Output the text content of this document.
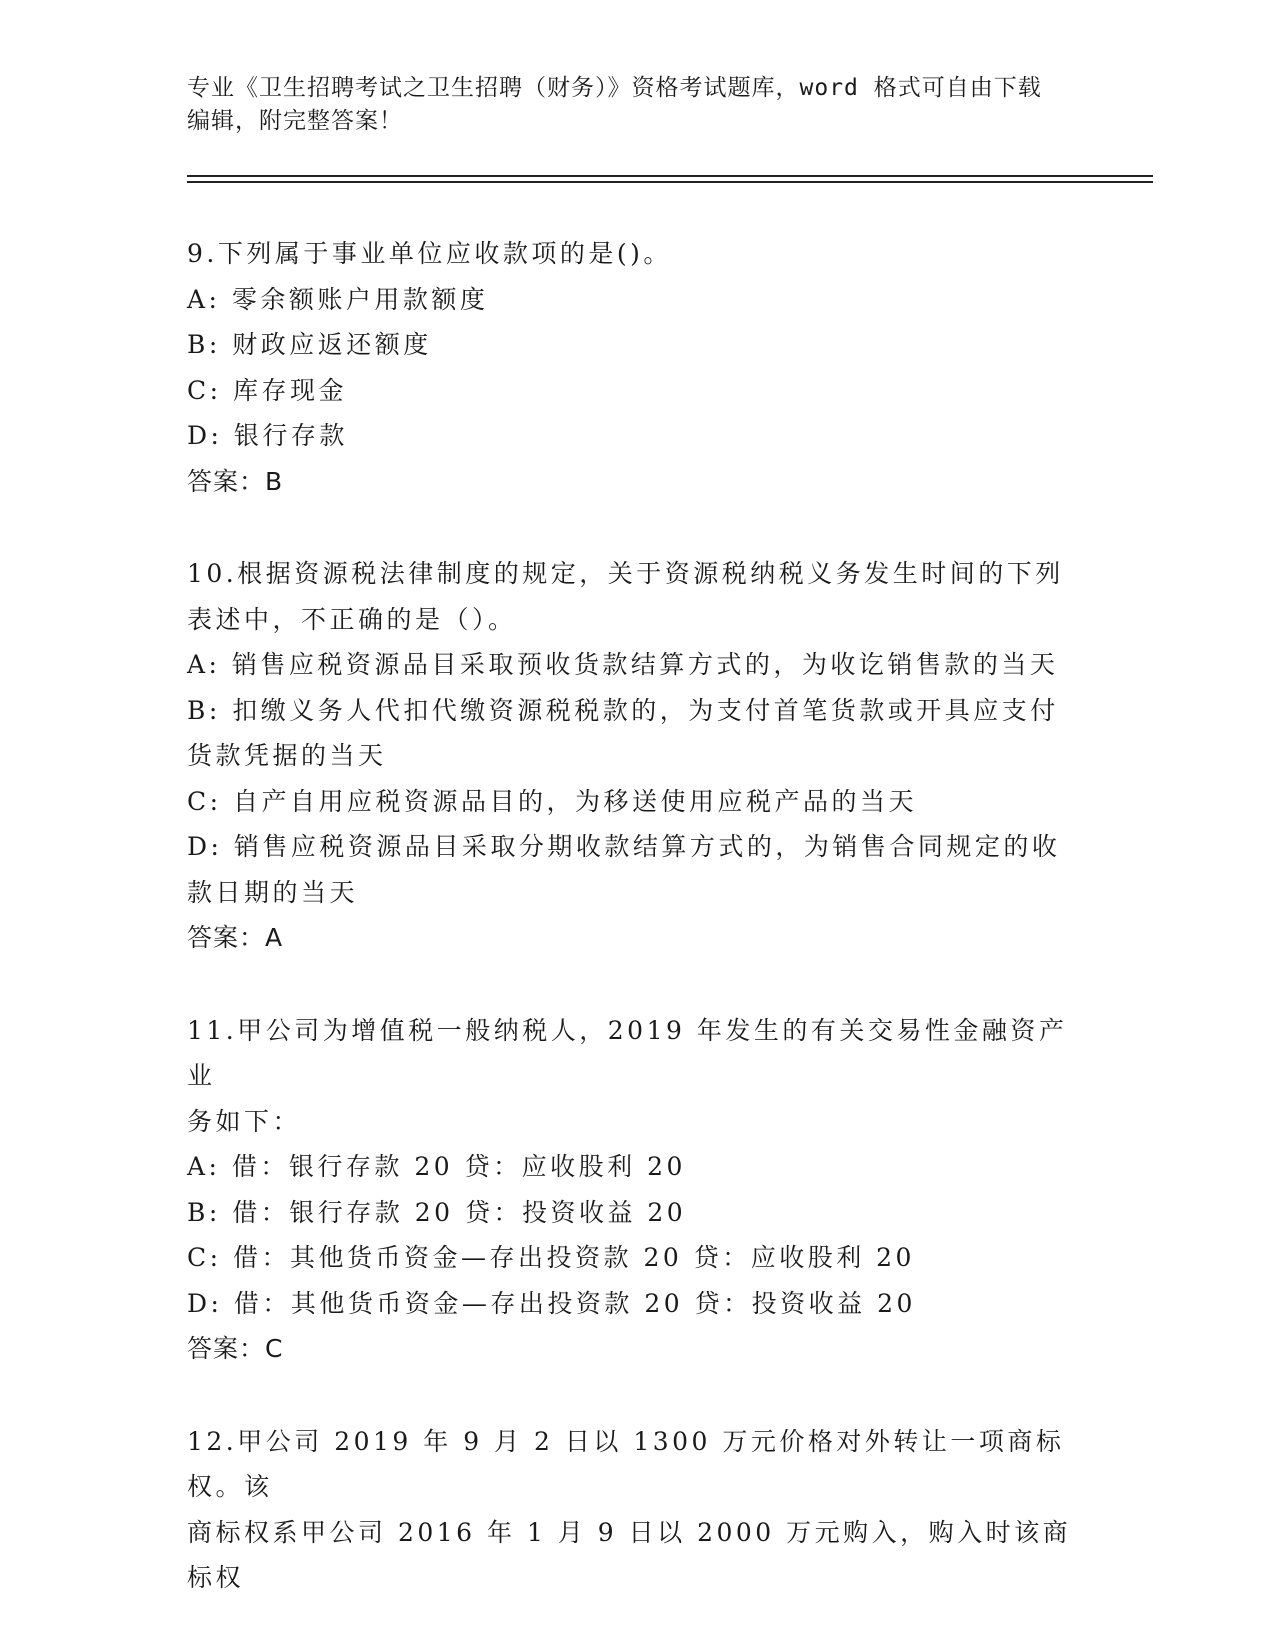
专业《卫生招聘考试之卫生招聘（财务）》资格考试题库，word 格式可自由下载
编辑，附完整答案！
9.下列属于事业单位应收款项的是()。
A: 零余额账户用款额度
B: 财政应返还额度
C: 库存现金
D: 银行存款
答案：B
10.根据资源税法律制度的规定，关于资源税纳税义务发生时间的下列
表述中，不正确的是（）。
A: 销售应税资源品目采取预收货款结算方式的，为收讫销售款的当天
B: 扣缴义务人代扣代缴资源税税款的，为支付首笔货款或开具应支付
货款凭据的当天
C: 自产自用应税资源品目的，为移送使用应税产品的当天
D: 销售应税资源品目采取分期收款结算方式的，为销售合同规定的收
款日期的当天
答案：A
11.甲公司为增值税一般纳税人，2019 年发生的有关交易性金融资产业
务如下：
A: 借：银行存款 20 贷：应收股利 20
B: 借：银行存款 20 贷：投资收益 20
C: 借：其他货币资金—存出投资款 20 贷：应收股利 20
D: 借：其他货币资金—存出投资款 20 贷：投资收益 20
答案：C
12.甲公司 2019 年 9 月 2 日以 1300 万元价格对外转让一项商标权。该
商标权系甲公司 2016 年 1 月 9 日以 2000 万元购入，购入时该商标权
